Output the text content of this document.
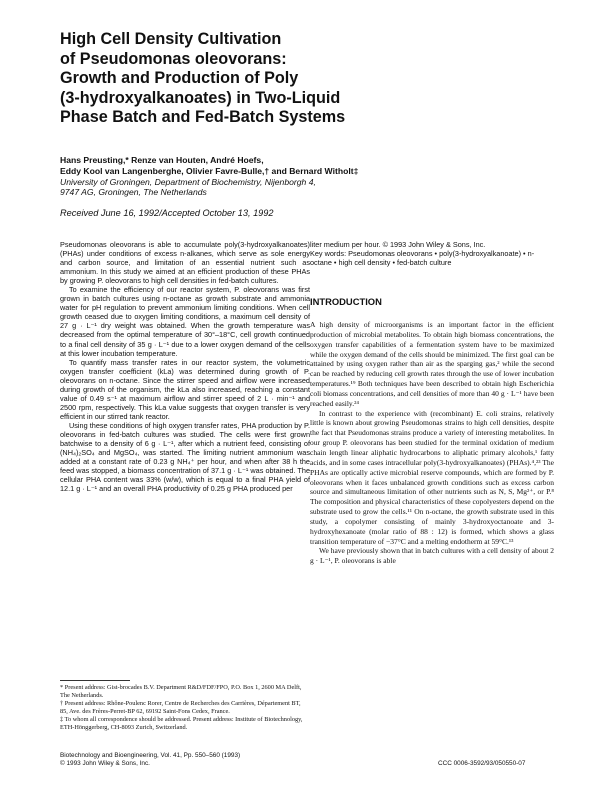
High Cell Density Cultivation
of Pseudomonas oleovorans:
Growth and Production of Poly
(3-hydroxyalkanoates) in Two-Liquid
Phase Batch and Fed-Batch Systems
Hans Preusting,* Renze van Houten, André Hoefs,
Eddy Kool van Langenberghe, Olivier Favre-Bulle,† and Bernard Witholt‡
University of Groningen, Department of Biochemistry, Nijenborgh 4,
9747 AG, Groningen, The Netherlands
Received June 16, 1992/Accepted October 13, 1992

Pseudomonas oleovorans is able to accumulate poly(3-hydroxyalkanoates) (PHAs) under conditions of excess n-alkanes, which serve as sole energy and carbon source, and limitation of an essential nutrient such as ammonium. In this study we aimed at an efficient production of these PHAs by growing P. oleovorans to high cell densities in fed-batch cultures.

To examine the efficiency of our reactor system, P. oleovorans was first grown in batch cultures using n-octane as growth substrate and ammonia water for pH regulation to prevent ammonium limiting conditions. When cell growth ceased due to oxygen limiting conditions, a maximum cell density of 27 g · L⁻¹ dry weight was obtained. When the growth temperature was decreased from the optimal temperature of 30°–18°C, cell growth continued to a final cell density of 35 g · L⁻¹ due to a lower oxygen demand of the cells at this lower incubation temperature.

To quantify mass transfer rates in our reactor system, the volumetric oxygen transfer coefficient (kLa) was determined during growth of P. oleovorans on n-octane. Since the stirrer speed and airflow were increased during growth of the organism, the kLa also increased, reaching a constant value of 0.49 s⁻¹ at maximum airflow and stirrer speed of 2 L · min⁻¹ and 2500 rpm, respectively. This kLa value suggests that oxygen transfer is very efficient in our stirred tank reactor.

Using these conditions of high oxygen transfer rates, PHA production by P. oleovorans in fed-batch cultures was studied. The cells were first grown batchwise to a density of 6 g · L⁻¹, after which a nutrient feed, consisting of (NH₄)₂SO₄ and MgSO₄, was started. The limiting nutrient ammonium was added at a constant rate of 0.23 g NH₄⁺ per hour, and when after 38 h the feed was stopped, a biomass concentration of 37.1 g · L⁻¹ was obtained. The cellular PHA content was 33% (w/w), which is equal to a final PHA yield of 12.1 g · L⁻¹ and an overall PHA productivity of 0.25 g PHA produced per

liter medium per hour. © 1993 John Wiley & Sons, Inc.

Key words: Pseudomonas oleovorans • poly(3-hydroxyalkanoate) • n-octane • high cell density • fed-batch culture

INTRODUCTION

A high density of microorganisms is an important factor in the efficient production of microbial metabolites. To obtain high biomass concentrations, the oxygen transfer capabilities of a fermentation system have to be maximized while the oxygen demand of the cells should be minimized. The first goal can be attained by using oxygen rather than air as the sparging gas,² while the second can be reached by reducing cell growth rates through the use of lower incubation temperatures.¹⁹ Both techniques have been described to obtain high Escherichia coli biomass concentrations, and cell densities of more than 40 g · L⁻¹ have been reached easily.²⁴

In contrast to the experience with (recombinant) E. coli strains, relatively little is known about growing Pseudomonas strains to high cell densities, despite the fact that Pseudomonas strains produce a variety of interesting metabolites. In our group P. oleovorans has been studied for the terminal oxidation of medium chain length linear aliphatic hydrocarbons to aliphatic primary alcohols,¹ fatty acids, and in some cases intracellular poly(3-hydroxyalkanoates) (PHAs).⁴,²³ The PHAs are optically active microbial reserve compounds, which are formed by P. oleovorans when it faces unbalanced growth conditions such as excess carbon source and simultaneous limitation of other nutrients such as N, S, Mg²⁺, or P.⁸ The composition and physical characteristics of these copolyesters depend on the substrate used to grow the cells.¹¹ On n-octane, the growth substrate used in this study, a copolymer consisting of mainly 3-hydroxyoctanoate and 3-hydroxyhexanoate (molar ratio of 88 : 12) is formed, which shows a glass transition temperature of −37°C and a melting endotherm at 59°C.¹³

We have previously shown that in batch cultures with a cell density of about 2 g · L⁻¹, P. oleovorans is able

* Present address: Gist-brocades B.V. Department R&D/FDF/FPO, P.O. Box 1, 2600 MA Delft, The Netherlands.

† Present address: Rhône-Poulenc Rorer, Centre de Recherches des Carrières, Département BT, 85, Ave. des Frères-Perret-BP 62, 69192 Saint-Fons Cedex, France.

‡ To whom all correspondence should be addressed. Present address: Institute of Biotechnology, ETH-Hönggerberg, CH-8093 Zurich, Switzerland.

Biotechnology and Bioengineering, Vol. 41, Pp. 550–560 (1993)
© 1993 John Wiley & Sons, Inc.	CCC 0006-3592/93/050550-07
